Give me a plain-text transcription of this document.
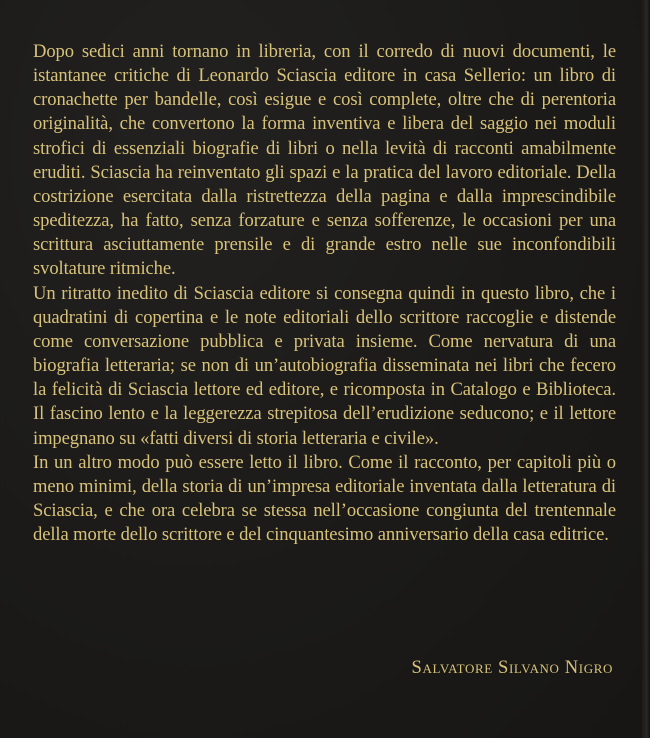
Dopo sedici anni tornano in libreria, con il corredo di nuovi documenti, le istantanee critiche di Leonardo Sciascia editore in casa Sellerio: un libro di cronachette per bandelle, così esigue e così complete, oltre che di perentoria originalità, che convertono la forma inventiva e libera del saggio nei moduli strofici di essenziali biografie di libri o nella levità di racconti amabilmente eruditi. Sciascia ha reinventato gli spazi e la pratica del lavoro editoriale. Della costrizione esercitata dalla ristrettezza della pagina e dalla imprescindibile speditezza, ha fatto, senza forzature e senza sofferenze, le occasioni per una scrittura asciuttamente prensile e di grande estro nelle sue inconfondibili svoltature ritmiche.

Un ritratto inedito di Sciascia editore si consegna quindi in questo libro, che i quadratini di copertina e le note editoriali dello scrittore raccoglie e distende come conversazione pubblica e privata insieme. Come nervatura di una biografia letteraria; se non di un’autobiografia disseminata nei libri che fecero la felicità di Sciascia lettore ed editore, e ricomposta in Catalogo e Biblioteca. Il fascino lento e la leggerezza strepitosa dell’erudizione seducono; e il lettore impegnano su «fatti diversi di storia letteraria e civile».

In un altro modo può essere letto il libro. Come il racconto, per capitoli più o meno minimi, della storia di un’impresa editoriale inventata dalla letteratura di Sciascia, e che ora celebra se stessa nell’occasione congiunta del trentennale della morte dello scrittore e del cinquantesimo anniversario della casa editrice.

Salvatore Silvano Nigro
